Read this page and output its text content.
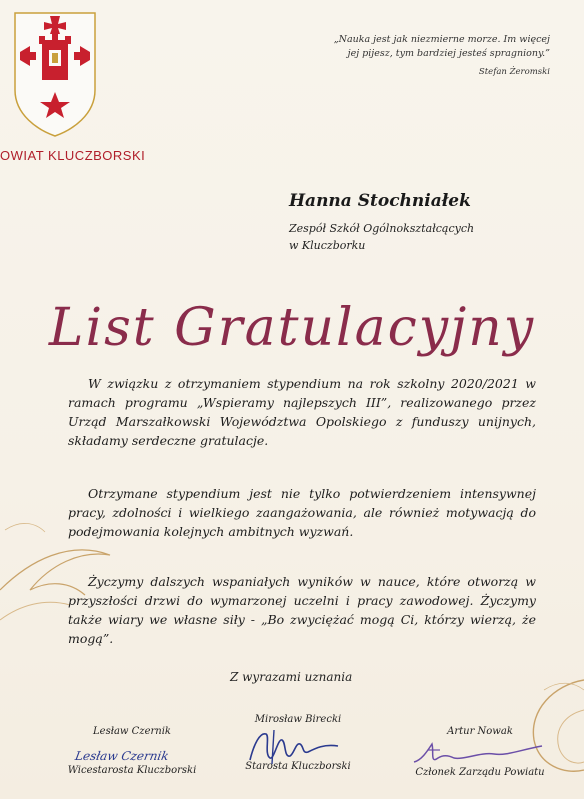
OWIAT KLUCZBORSKI
„Nauka jest jak niezmierne morze. Im więcej
jej pijesz, tym bardziej jesteś spragniony.”
Stefan Żeromski
Hanna Stochniałek
Zespół Szkół Ogólnokształcących
w Kluczborku
List Gratulacyjny
W związku z otrzymaniem stypendium na rok szkolny 2020/2021 w ramach programu „Wspieramy najlepszych III”, realizowanego przez Urząd Marszałkowski Województwa Opolskiego z funduszy unijnych, składamy serdeczne gratulacje.
Otrzymane stypendium jest nie tylko potwierdzeniem intensywnej pracy, zdolności i wielkiego zaangażowania, ale również motywacją do podejmowania kolejnych ambitnych wyzwań.
Życzymy dalszych wspaniałych wyników w nauce, które otworzą w przyszłości drzwi do wymarzonej uczelni i pracy zawodowej. Życzymy także wiary we własne siły - „Bo zwyciężać mogą Ci, którzy wierzą, że mogą”.
Z wyrazami uznania
Lesław Czernik
Lesław Czernik
Wicestarosta Kluczborski
Mirosław Birecki
Starosta Kluczborski
Artur Nowak
Członek Zarządu Powiatu
